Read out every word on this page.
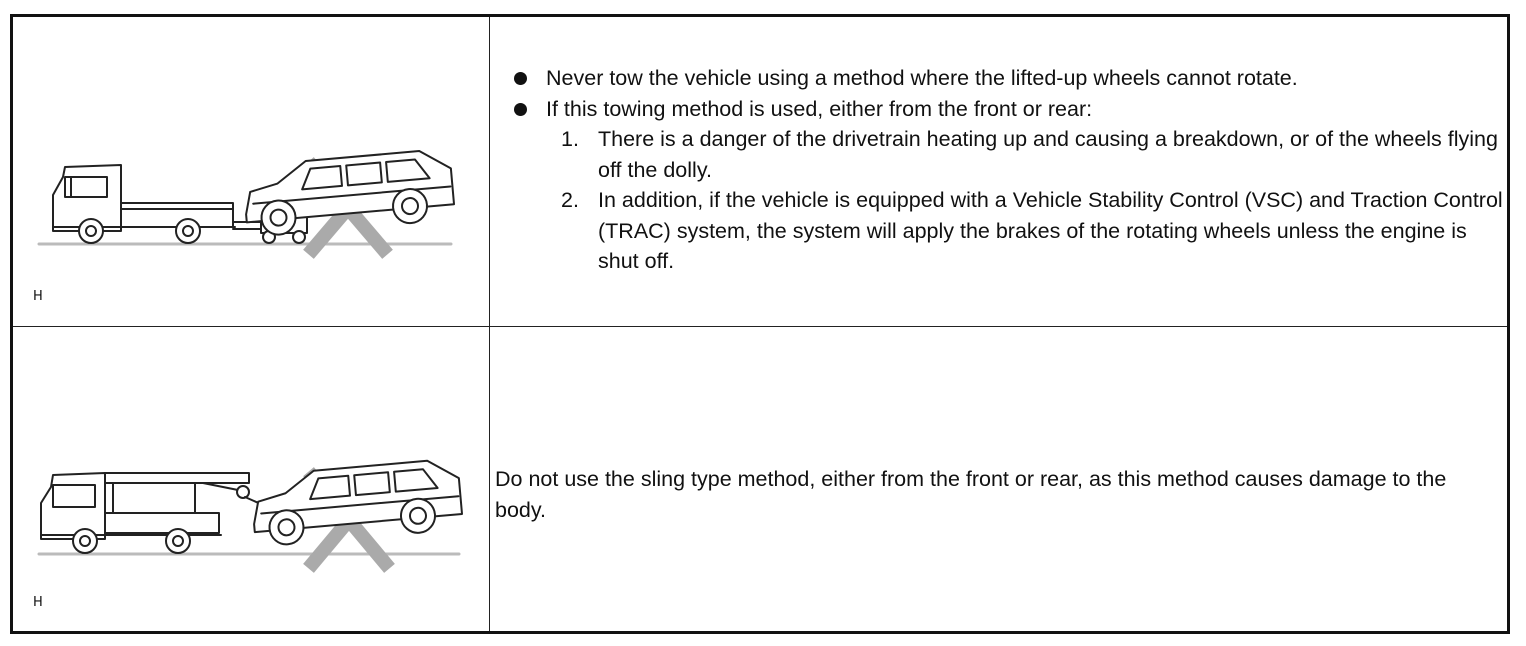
H
Never tow the vehicle using a method where the lifted-up wheels cannot rotate.
If this towing method is used, either from the front or rear:
1. There is a danger of the drivetrain heating up and causing a breakdown, or of the wheels flying off the dolly.
2. In addition, if the vehicle is equipped with a Vehicle Stability Control (VSC) and Traction Control (TRAC) system, the system will apply the brakes of the rotating wheels unless the engine is shut off.
H

Do not use the sling type method, either from the front or rear, as this method causes damage to the body.
